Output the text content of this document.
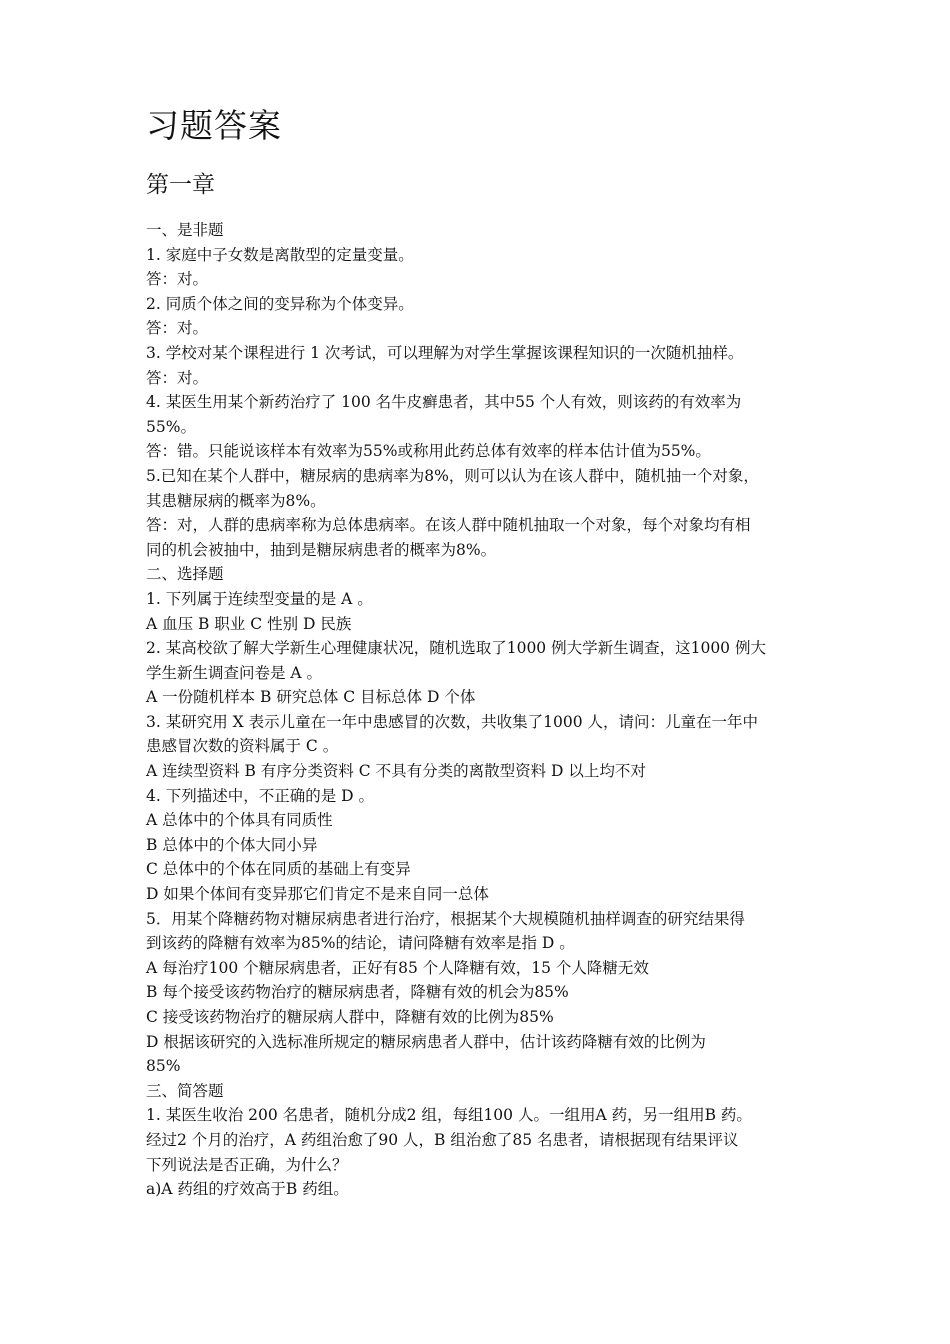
习题答案
第一章
一、是非题
1. 家庭中子女数是离散型的定量变量。
答：对。
2. 同质个体之间的变异称为个体变异。
答：对。
3. 学校对某个课程进行 1 次考试，可以理解为对学生掌握该课程知识的一次随机抽样。
答：对。
4. 某医生用某个新药治疗了 100 名牛皮癣患者，其中55 个人有效，则该药的有效率为
55%。
答：错。只能说该样本有效率为55%或称用此药总体有效率的样本估计值为55%。
5.已知在某个人群中，糖尿病的患病率为8%，则可以认为在该人群中，随机抽一个对象，
其患糖尿病的概率为8%。
答：对，人群的患病率称为总体患病率。在该人群中随机抽取一个对象，每个对象均有相
同的机会被抽中，抽到是糖尿病患者的概率为8%。
二、选择题
1. 下列属于连续型变量的是 A 。
A 血压 B 职业 C 性别 D 民族
2. 某高校欲了解大学新生心理健康状况，随机选取了1000 例大学新生调查，这1000 例大
学生新生调查问卷是 A 。
A 一份随机样本 B 研究总体 C 目标总体 D 个体
3. 某研究用 X 表示儿童在一年中患感冒的次数，共收集了1000 人，请问：儿童在一年中
患感冒次数的资料属于 C 。
A 连续型资料 B 有序分类资料 C 不具有分类的离散型资料 D 以上均不对
4. 下列描述中，不正确的是 D 。
A 总体中的个体具有同质性
B 总体中的个体大同小异
C 总体中的个体在同质的基础上有变异
D 如果个体间有变异那它们肯定不是来自同一总体
5．用某个降糖药物对糖尿病患者进行治疗，根据某个大规模随机抽样调查的研究结果得
到该药的降糖有效率为85%的结论，请问降糖有效率是指 D 。
A 每治疗100 个糖尿病患者，正好有85 个人降糖有效，15 个人降糖无效
B 每个接受该药物治疗的糖尿病患者，降糖有效的机会为85%
C 接受该药物治疗的糖尿病人群中，降糖有效的比例为85%
D 根据该研究的入选标准所规定的糖尿病患者人群中，估计该药降糖有效的比例为
85%
三、简答题
1. 某医生收治 200 名患者，随机分成2 组，每组100 人。一组用A 药，另一组用B 药。
经过2 个月的治疗，A 药组治愈了90 人，B 组治愈了85 名患者，请根据现有结果评议
下列说法是否正确，为什么？
a)A 药组的疗效高于B 药组。
